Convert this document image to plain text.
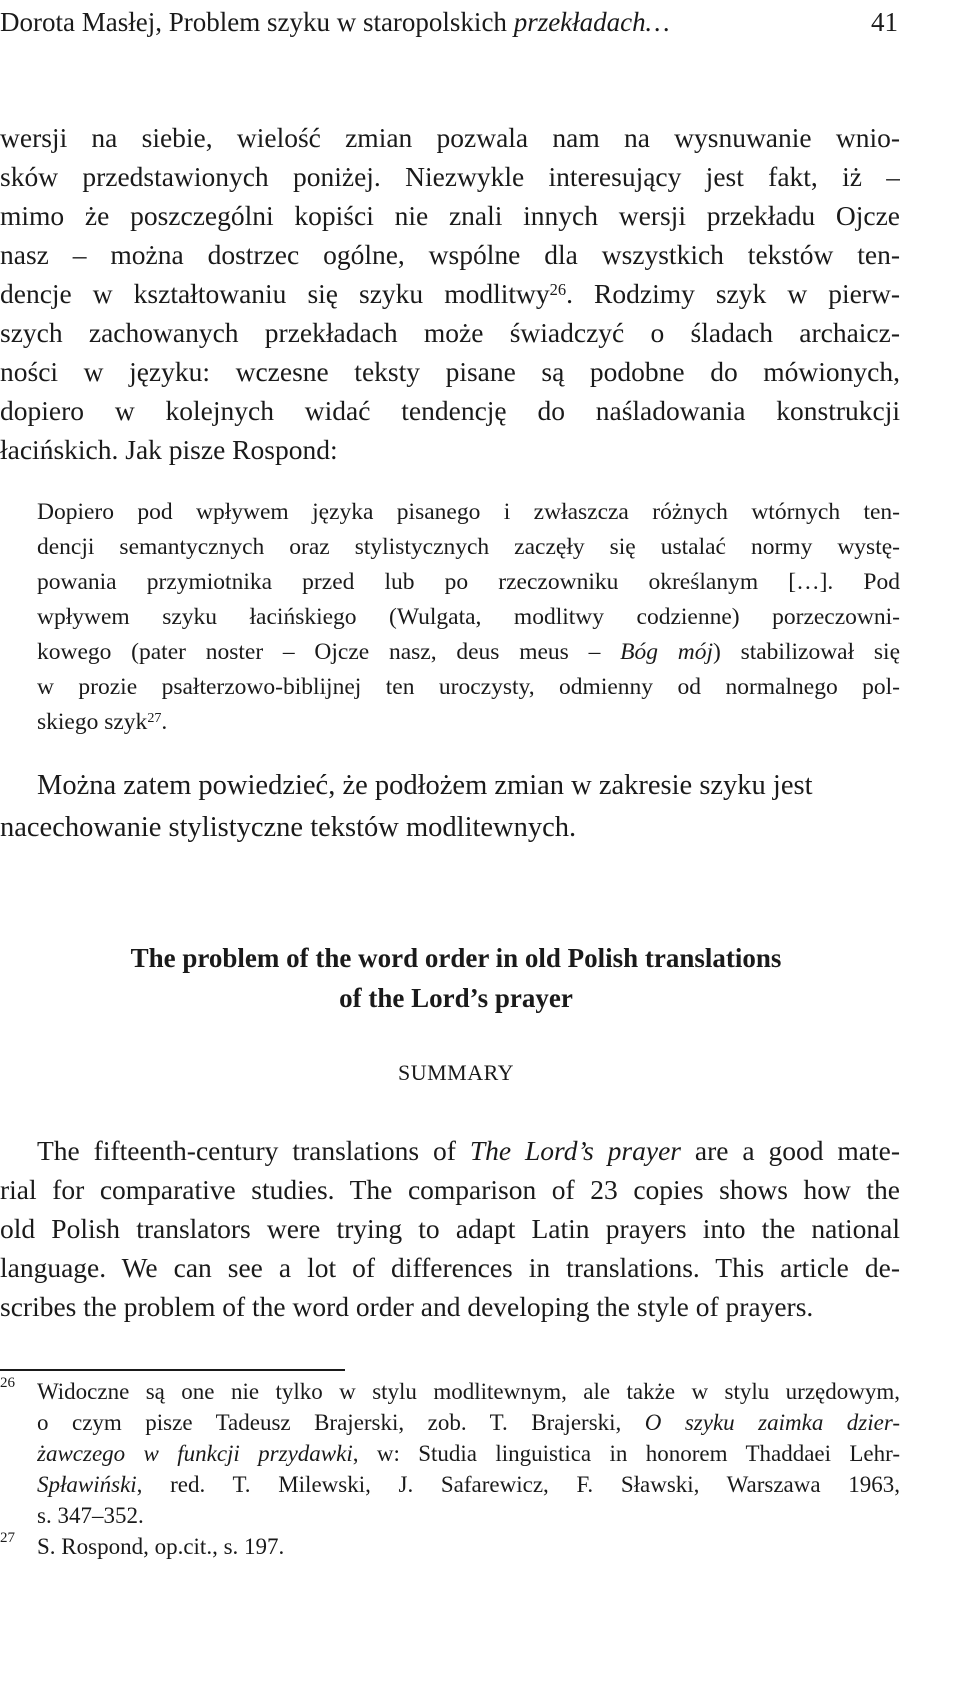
Dorota Masłej, Problem szyku w staropolskich przekładach…	41
wersji na siebie, wielość zmian pozwala nam na wysnuwanie wnio-
sków przedstawionych poniżej. Niezwykle interesujący jest fakt, iż –
mimo że poszczególni kopiści nie znali innych wersji przekładu Ojcze
nasz – można dostrzec ogólne, wspólne dla wszystkich tekstów ten-
dencje w kształtowaniu się szyku modlitwy$^{26}$. Rodzimy szyk w pierw-
szych zachowanych przekładach może świadczyć o śladach archaicz-
ności w języku: wczesne teksty pisane są podobne do mówionych,
dopiero w kolejnych widać tendencję do naśladowania konstrukcji
łacińskich. Jak pisze Rospond:
Dopiero pod wpływem języka pisanego i zwłaszcza różnych wtórnych ten-
dencji semantycznych oraz stylistycznych zaczęły się ustalać normy wystę-
powania przymiotnika przed lub po rzeczowniku określanym […]. Pod
wpływem szyku łacińskiego (Wulgata, modlitwy codzienne) porzeczowni-
kowego (pater noster – Ojcze nasz, deus meus – Bóg mój) stabilizował się
w prozie psałterzowo-biblijnej ten uroczysty, odmienny od normalnego pol-
skiego szyk$^{27}$.
Można zatem powiedzieć, że podłożem zmian w zakresie szyku jest
nacechowanie stylistyczne tekstów modlitewnych.
The problem of the word order in old Polish translations
of the Lord’s prayer
SUMMARY
The fifteenth-century translations of The Lord’s prayer are a good mate-
rial for comparative studies. The comparison of 23 copies shows how the
old Polish translators were trying to adapt Latin prayers into the national
language. We can see a lot of differences in translations. This article de-
scribes the problem of the word order and developing the style of prayers.
26 Widoczne są one nie tylko w stylu modlitewnym, ale także w stylu urzędowym,
o czym pisze Tadeusz Brajerski, zob. T. Brajerski, O szyku zaimka dzier-
żawczego w funkcji przydawki, w: Studia linguistica in honorem Thaddaei Lehr-
Spławiński, red. T. Milewski, J. Safarewicz, F. Sławski, Warszawa 1963,
s. 347–352.
27 S. Rospond, op.cit., s. 197.
